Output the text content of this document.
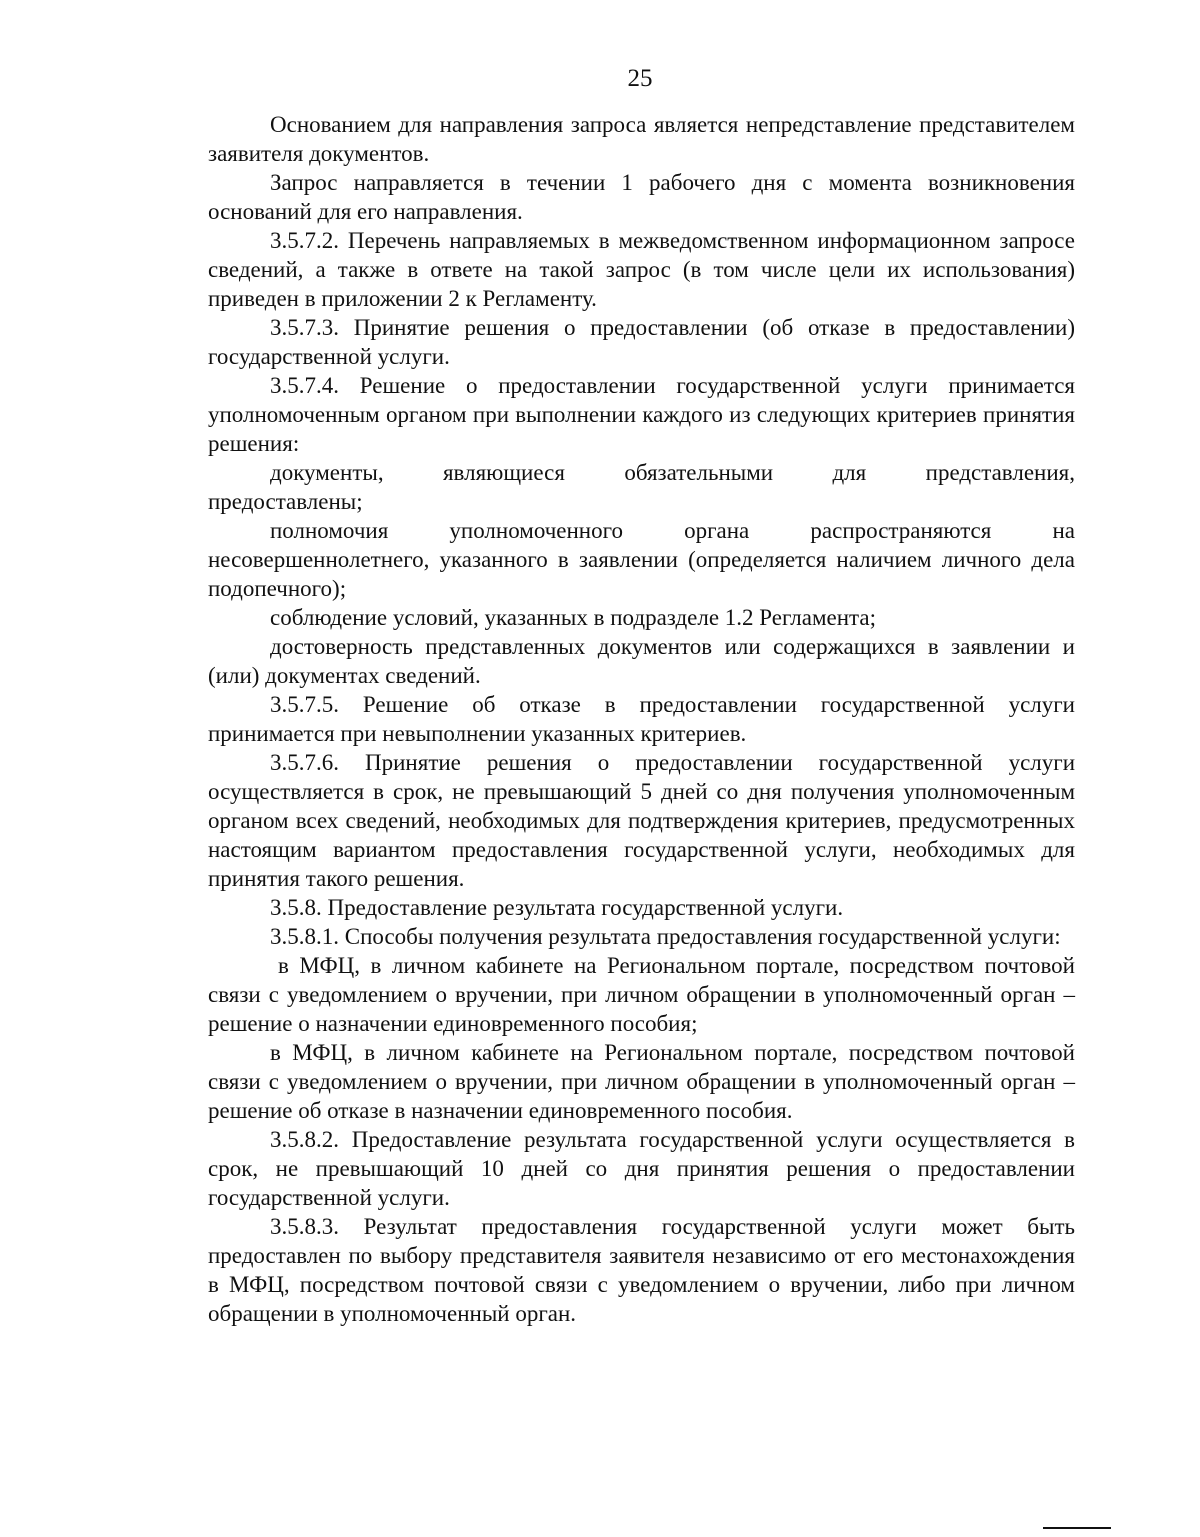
25

Основанием для направления запроса является непредставление представителем заявителя документов.

Запрос направляется в течении 1 рабочего дня с момента возникновения оснований для его направления.

3.5.7.2. Перечень направляемых в межведомственном информационном запросе сведений, а также в ответе на такой запрос (в том числе цели их использования) приведен в приложении 2 к Регламенту.

3.5.7.3. Принятие решения о предоставлении (об отказе в предоставлении) государственной услуги.

3.5.7.4. Решение о предоставлении государственной услуги принимается уполномоченным органом при выполнении каждого из следующих критериев принятия решения:

документы, являющиеся обязательными для представления,

предоставлены;

полномочия уполномоченного органа распространяются на несовершеннолетнего, указанного в заявлении (определяется наличием личного дела подопечного);

соблюдение условий, указанных в подразделе 1.2 Регламента;

достоверность представленных документов или содержащихся в заявлении и (или) документах сведений.

3.5.7.5. Решение об отказе в предоставлении государственной услуги принимается при невыполнении указанных критериев.

3.5.7.6. Принятие решения о предоставлении государственной услуги осуществляется в срок, не превышающий 5 дней со дня получения уполномоченным органом всех сведений, необходимых для подтверждения критериев, предусмотренных настоящим вариантом предоставления государственной услуги, необходимых для принятия такого решения.

3.5.8. Предоставление результата государственной услуги.

3.5.8.1. Способы получения результата предоставления государственной услуги:

в МФЦ, в личном кабинете на Региональном портале, посредством почтовой связи с уведомлением о вручении, при личном обращении в уполномоченный орган – решение о назначении единовременного пособия;

в МФЦ, в личном кабинете на Региональном портале, посредством почтовой связи с уведомлением о вручении, при личном обращении в уполномоченный орган – решение об отказе в назначении единовременного пособия.

3.5.8.2. Предоставление результата государственной услуги осуществляется в срок, не превышающий 10 дней со дня принятия решения о предоставлении государственной услуги.

3.5.8.3. Результат предоставления государственной услуги может быть предоставлен по выбору представителя заявителя независимо от его местонахождения в МФЦ, посредством почтовой связи с уведомлением о вручении, либо при личном обращении в уполномоченный орган.
